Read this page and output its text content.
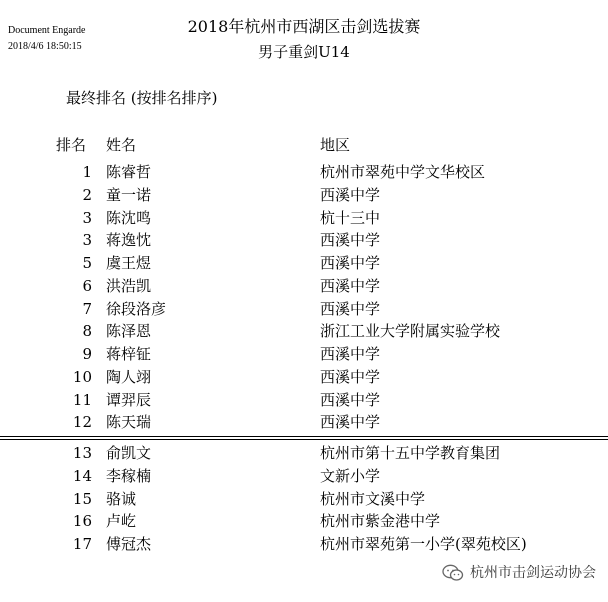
Document Engarde
2018/4/6 18:50:15
2018年杭州市西湖区击剑选拔赛
男子重剑U14
最终排名 (按排名排序)
排名 姓名	地区
1 陈睿哲	杭州市翠苑中学文华校区
2 童一诺	西溪中学
3 陈沈鸣	杭十三中
3 蒋逸忱	西溪中学
5 虞王煜	西溪中学
6 洪浩凯	西溪中学
7 徐段洛彦	西溪中学
8 陈泽恩	浙江工业大学附属实验学校
9 蒋梓钲	西溪中学
10 陶人翊	西溪中学
11 谭羿辰	西溪中学
12 陈天瑞	西溪中学
13 俞凯文	杭州市第十五中学教育集团
14 李稼楠	文新小学
15 骆诚	杭州市文溪中学
16 卢屹	杭州市紫金港中学
17 傅冠杰	杭州市翠苑第一小学(翠苑校区)
杭州市击剑运动协会
